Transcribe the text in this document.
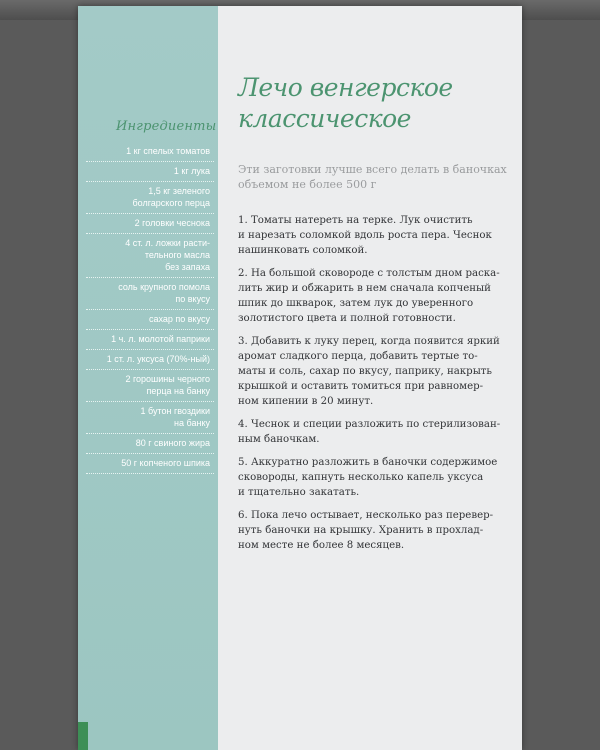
Ингредиенты
1 кг спелых томатов
1 кг лука
1,5 кг зеленого
болгарского перца
2 головки чеснока
4 ст. л. ложки расти-
тельного масла
без запаха
соль крупного помола
по вкусу
сахар по вкусу
1 ч. л. молотой паприки
1 ст. л. уксуса (70%-ный)
2 горошины черного
перца на банку
1 бутон гвоздики
на банку
80 г свиного жира
50 г копченого шпика
Лечо венгерское
классическое
Эти заготовки лучше всего делать в баночках
объемом не более 500 г
1. Томаты натереть на терке. Лук очистить
и нарезать соломкой вдоль роста пера. Чеснок
нашинковать соломкой.
2. На большой сковороде с толстым дном раска-
лить жир и обжарить в нем сначала копченый
шпик до шкварок, затем лук до уверенного
золотистого цвета и полной готовности.
3. Добавить к луку перец, когда появится яркий
аромат сладкого перца, добавить тертые то-
маты и соль, сахар по вкусу, паприку, накрыть
крышкой и оставить томиться при равномер-
ном кипении в 20 минут.
4. Чеснок и специи разложить по стерилизован-
ным баночкам.
5. Аккуратно разложить в баночки содержимое
сковороды, капнуть несколько капель уксуса
и тщательно закатать.
6. Пока лечо остывает, несколько раз перевер-
нуть баночки на крышку. Хранить в прохлад-
ном месте не более 8 месяцев.
